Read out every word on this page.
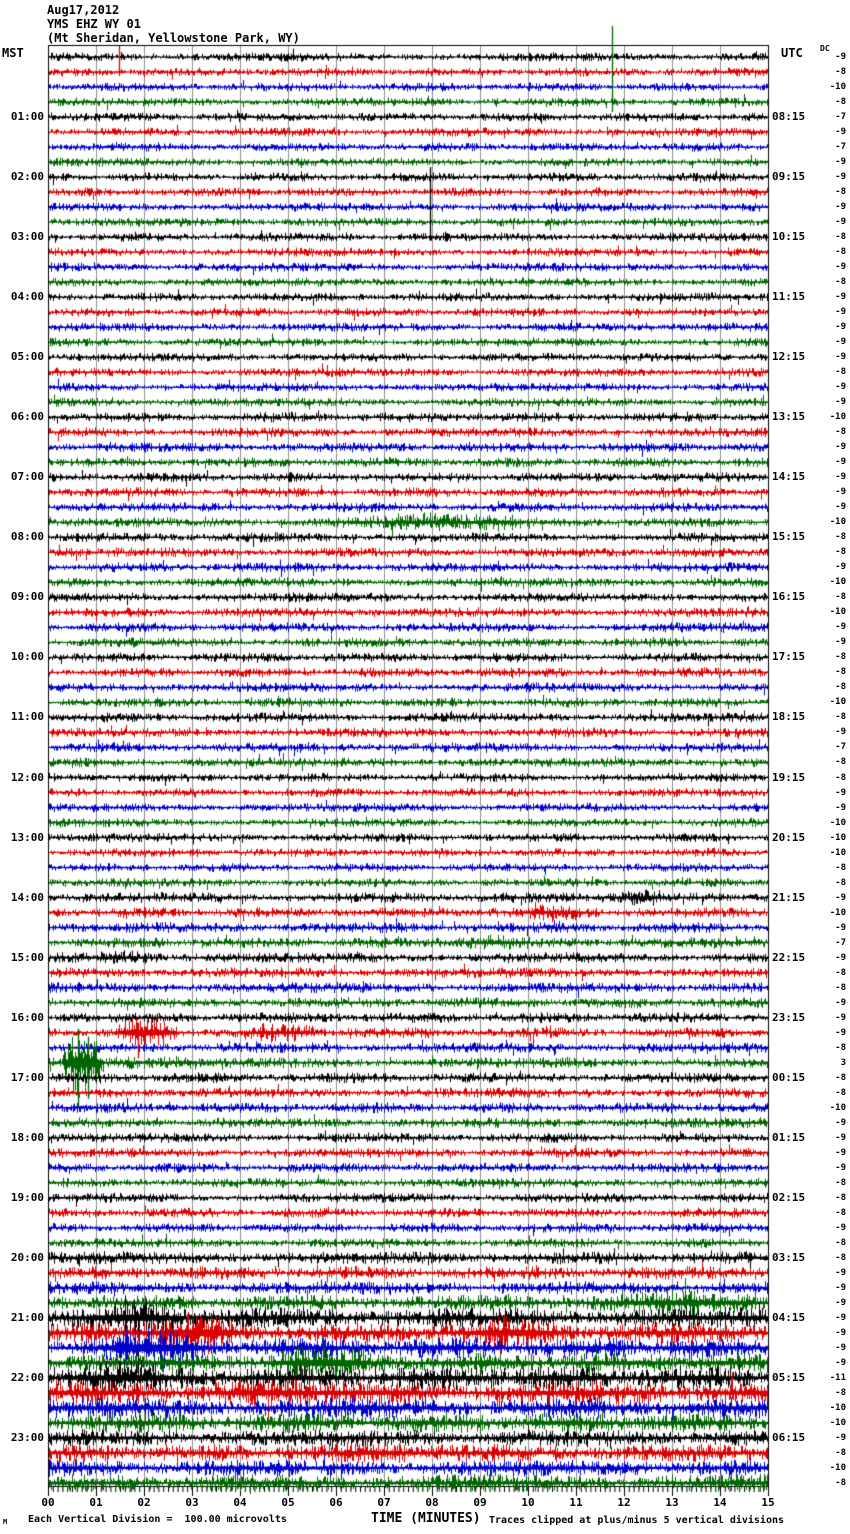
Aug17,2012
YMS EHZ WY 01
(Mt Sheridan, Yellowstone Park, WY)
MST	UTC DC
01:00
02:00
03:00
04:00
05:00
06:00
07:00
08:00
09:00
10:00
11:00
12:00
13:00
14:00
15:00
16:00
17:00
18:00
19:00
20:00
21:00
22:00
23:00
08:15
09:15
10:15
11:15
12:15
13:15
14:15
15:15
16:15
17:15
18:15
19:15
20:15
21:15
22:15
23:15
00:15
01:15
02:15
03:15
04:15
05:15
06:15
-9
-8
-10
-8
-7
-9
-7
-9
-9
-8
-9
-9
-8
-8
-9
-8
-9
-9
-9
-9
-9
-8
-9
-9
-10
-8
-9
-9
-9
-9
-9
-10
-8
-8
-9
-10
-8
-10
-9
-9
-8
-8
-8
-10
-8
-9
-7
-8
-8
-9
-9
-10
-10
-10
-8
-8
-9
-10
-9
-7
-9
-8
-8
-9
-9
-9
-8
3
-8
-8
-10
-9
-9
-9
-9
-8
-8
-8
-9
-8
-8
-9
-9
-9
-9
-9
-9
-9
-11
-8
-10
-10
-9
-8
-10
-8
00	01	02	03	04	05	06	07	08	09	10	11	12	13	14	15
M Each Vertical Division =  100.00 microvolts	TIME (MINUTES) Traces clipped at plus/minus 5 vertical divisions
